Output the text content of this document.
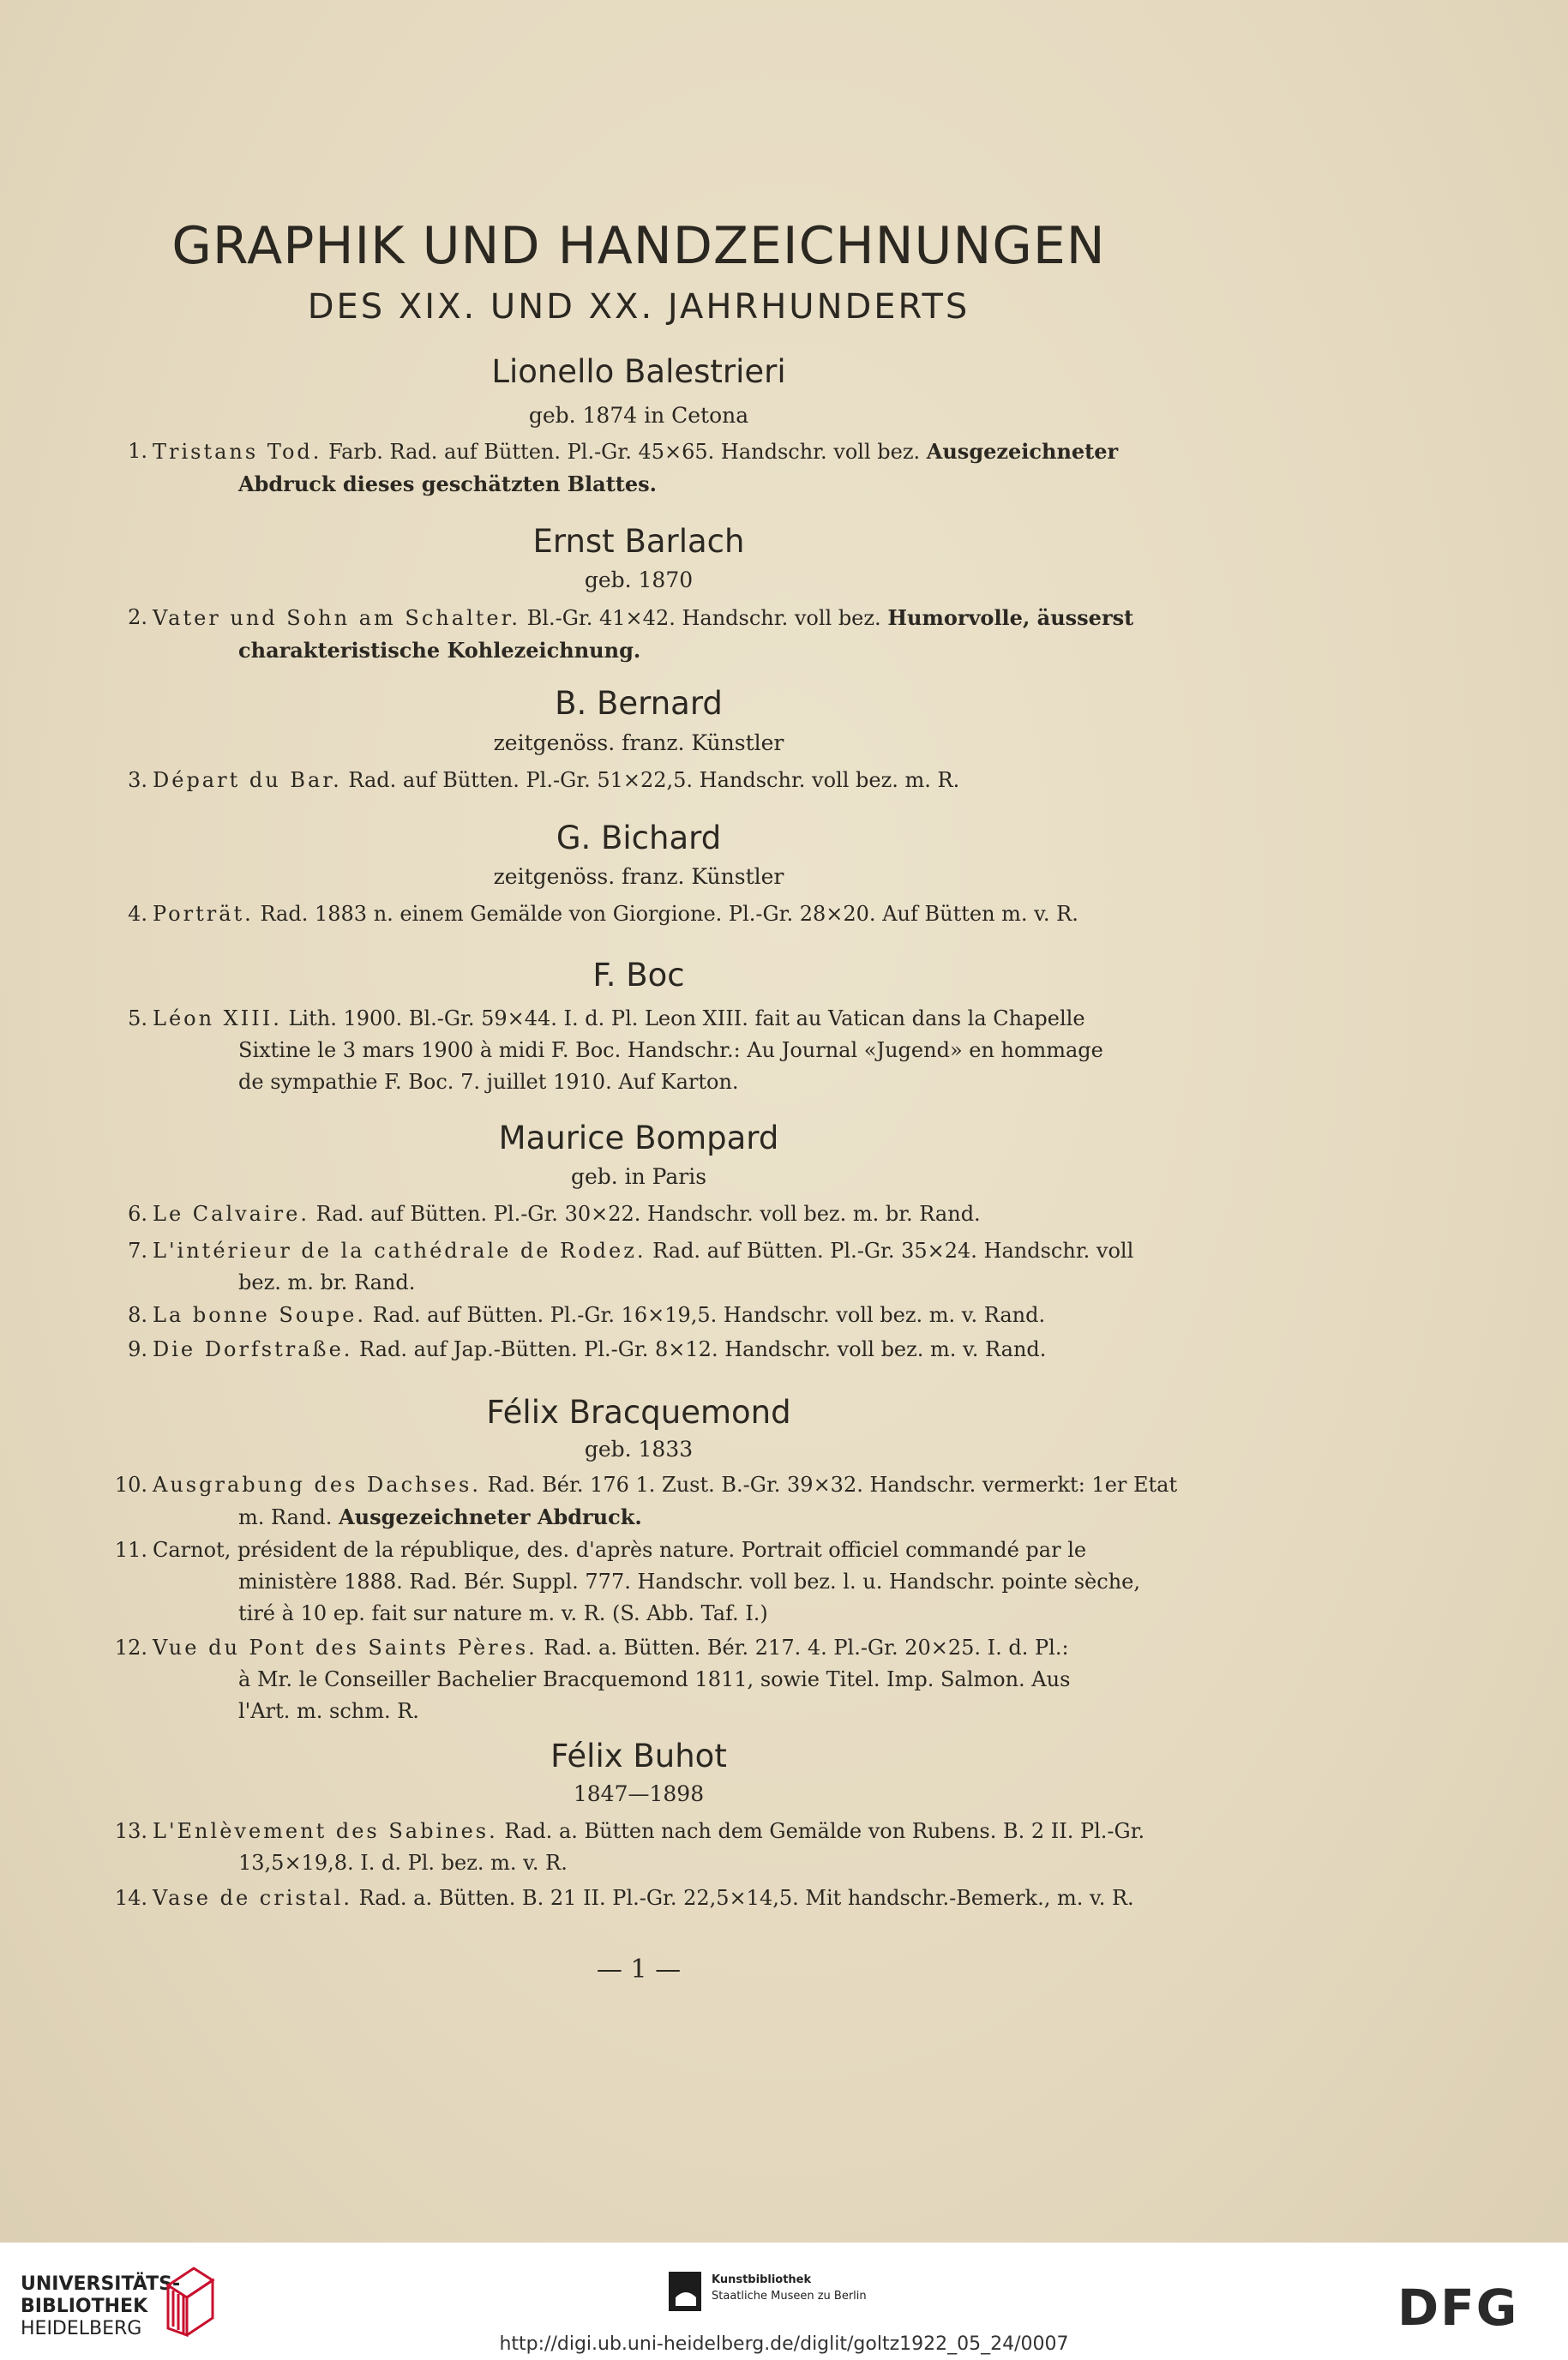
GRAPHIK UND HANDZEICHNUNGEN
DES XIX. UND XX. JAHRHUNDERTS
Lionello Balestrieri
geb. 1874 in Cetona
1. Tristans Tod. Farb. Rad. auf Bütten. Pl.-Gr. 45×65. Handschr. voll bez. Ausgezeichneter
Abdruck dieses geschätzten Blattes.
Ernst Barlach
geb. 1870
2. Vater und Sohn am Schalter. Bl.-Gr. 41×42. Handschr. voll bez. Humorvolle, äusserst
charakteristische Kohlezeichnung.
B. Bernard
zeitgenöss. franz. Künstler
3. Départ du Bar. Rad. auf Bütten. Pl.-Gr. 51×22,5. Handschr. voll bez. m. R.
G. Bichard
zeitgenöss. franz. Künstler
4. Porträt. Rad. 1883 n. einem Gemälde von Giorgione. Pl.-Gr. 28×20. Auf Bütten m. v. R.
F. Boc
5. Léon XIII. Lith. 1900. Bl.-Gr. 59×44. I. d. Pl. Leon XIII. fait au Vatican dans la Chapelle
Sixtine le 3 mars 1900 à midi F. Boc. Handschr.: Au Journal «Jugend» en hommage
de sympathie F. Boc. 7. juillet 1910. Auf Karton.
Maurice Bompard
geb. in Paris
6. Le Calvaire. Rad. auf Bütten. Pl.-Gr. 30×22. Handschr. voll bez. m. br. Rand.
7. L'intérieur de la cathédrale de Rodez. Rad. auf Bütten. Pl.-Gr. 35×24. Handschr. voll
bez. m. br. Rand.
8. La bonne Soupe. Rad. auf Bütten. Pl.-Gr. 16×19,5. Handschr. voll bez. m. v. Rand.
9. Die Dorfstraße. Rad. auf Jap.-Bütten. Pl.-Gr. 8×12. Handschr. voll bez. m. v. Rand.
Félix Bracquemond
geb. 1833
10. Ausgrabung des Dachses. Rad. Bér. 176 1. Zust. B.-Gr. 39×32. Handschr. vermerkt: 1er Etat
m. Rand. Ausgezeichneter Abdruck.
11. Carnot, président de la république, des. d'après nature. Portrait officiel commandé par le
ministère 1888. Rad. Bér. Suppl. 777. Handschr. voll bez. l. u. Handschr. pointe sèche,
tiré à 10 ep. fait sur nature m. v. R. (S. Abb. Taf. I.)
12. Vue du Pont des Saints Pères. Rad. a. Bütten. Bér. 217. 4. Pl.-Gr. 20×25. I. d. Pl.:
à Mr. le Conseiller Bachelier Bracquemond 1811, sowie Titel. Imp. Salmon. Aus
l'Art. m. schm. R.
Félix Buhot
1847—1898
13. L'Enlèvement des Sabines. Rad. a. Bütten nach dem Gemälde von Rubens. B. 2 II. Pl.-Gr.
13,5×19,8. I. d. Pl. bez. m. v. R.
14. Vase de cristal. Rad. a. Bütten. B. 21 II. Pl.-Gr. 22,5×14,5. Mit handschr.-Bemerk., m. v. R.
— 1 —
UNIVERSITÄTS-
BIBLIOTHEK
HEIDELBERG
Kunstbibliothek
Staatliche Museen zu Berlin	DFG
http://digi.ub.uni-heidelberg.de/diglit/goltz1922_05_24/0007
